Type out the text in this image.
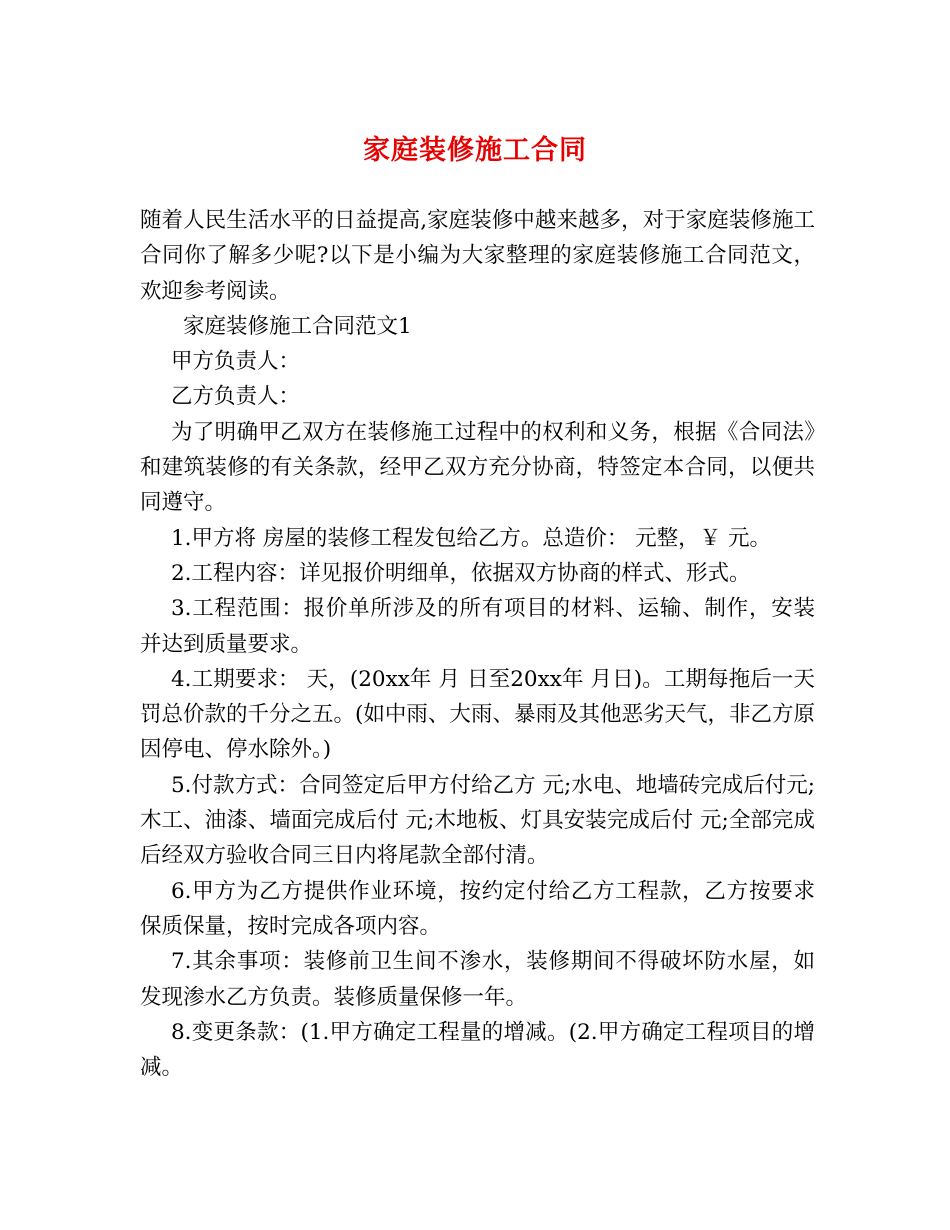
家庭装修施工合同

随着人民生活水平的日益提高,家庭装修中越来越多，对于家庭装修施工合同你了解多少呢?以下是小编为大家整理的家庭装修施工合同范文，欢迎参考阅读。

家庭装修施工合同范文1

甲方负责人：

乙方负责人：

为了明确甲乙双方在装修施工过程中的权利和义务，根据《合同法》和建筑装修的有关条款，经甲乙双方充分协商，特签定本合同，以便共同遵守。

1.甲方将 房屋的装修工程发包给乙方。总造价： 元整，￥ 元。

2.工程内容：详见报价明细单，依据双方协商的样式、形式。

3.工程范围：报价单所涉及的所有项目的材料、运输、制作，安装并达到质量要求。

4.工期要求： 天，(20xx年 月 日至20xx年 月日)。工期每拖后一天罚总价款的千分之五。(如中雨、大雨、暴雨及其他恶劣天气，非乙方原因停电、停水除外。)

5.付款方式：合同签定后甲方付给乙方 元;水电、地墙砖完成后付元;木工、油漆、墙面完成后付 元;木地板、灯具安装完成后付 元;全部完成后经双方验收合同三日内将尾款全部付清。

6.甲方为乙方提供作业环境，按约定付给乙方工程款，乙方按要求保质保量，按时完成各项内容。

7.其余事项：装修前卫生间不渗水，装修期间不得破坏防水屋，如发现渗水乙方负责。装修质量保修一年。

8.变更条款：(1.甲方确定工程量的增减。(2.甲方确定工程项目的增减。
